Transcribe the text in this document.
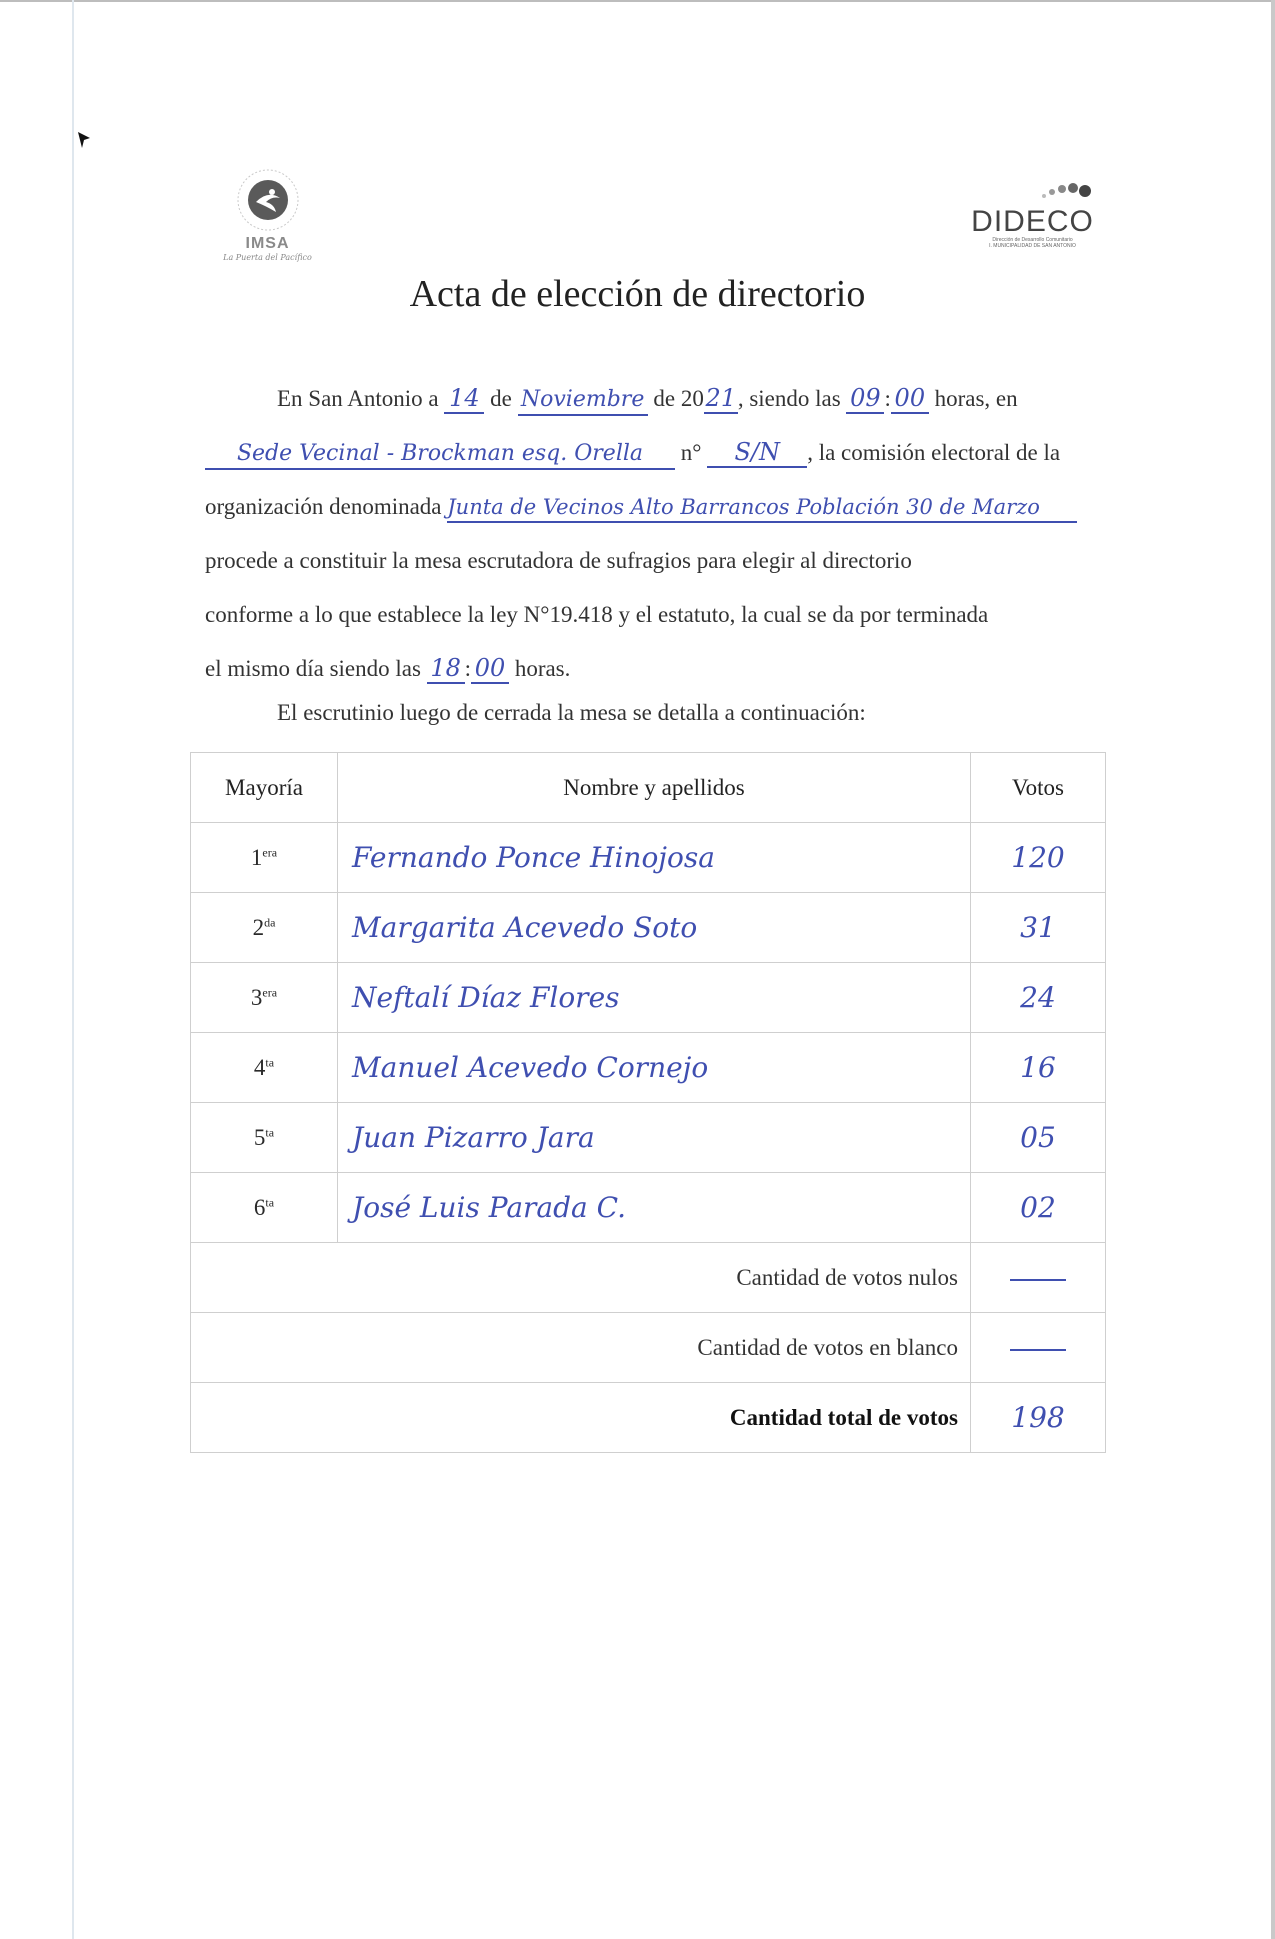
IMSA
La Puerta del Pacífico
DIDECO
Dirección de Desarrollo Comunitario
I. MUNICIPALIDAD DE SAN ANTONIO
Acta de elección de directorio
En San Antonio a 14 de Noviembre de 2021, siendo las 09 : 00 horas, en
Sede Vecinal - Brockman esq. Orella n° S/N , la comisión electoral de la
organización denominada Junta de Vecinos Alto Barrancos Población 30 de Marzo
procede a constituir la mesa escrutadora de sufragios para elegir al directorio
conforme a lo que establece la ley N°19.418 y el estatuto, la cual se da por terminada
el mismo día siendo las 18 : 00 horas.
El escrutinio luego de cerrada la mesa se detalla a continuación:
Mayoría	Nombre y apellidos	Votos
$1^{era}$	Fernando Ponce Hinojosa	120
$2^{da}$	Margarita Acevedo Soto	31
$3^{era}$	Neftalí Díaz Flores	24
$4^{ta}$	Manuel Acevedo Cornejo	16
$5^{ta}$	Juan Pizarro Jara	05
$6^{ta}$	José Luis Parada C.	02
Cantidad de votos nulos		
Cantidad de votos en blanco		
Cantidad total de votos		198
